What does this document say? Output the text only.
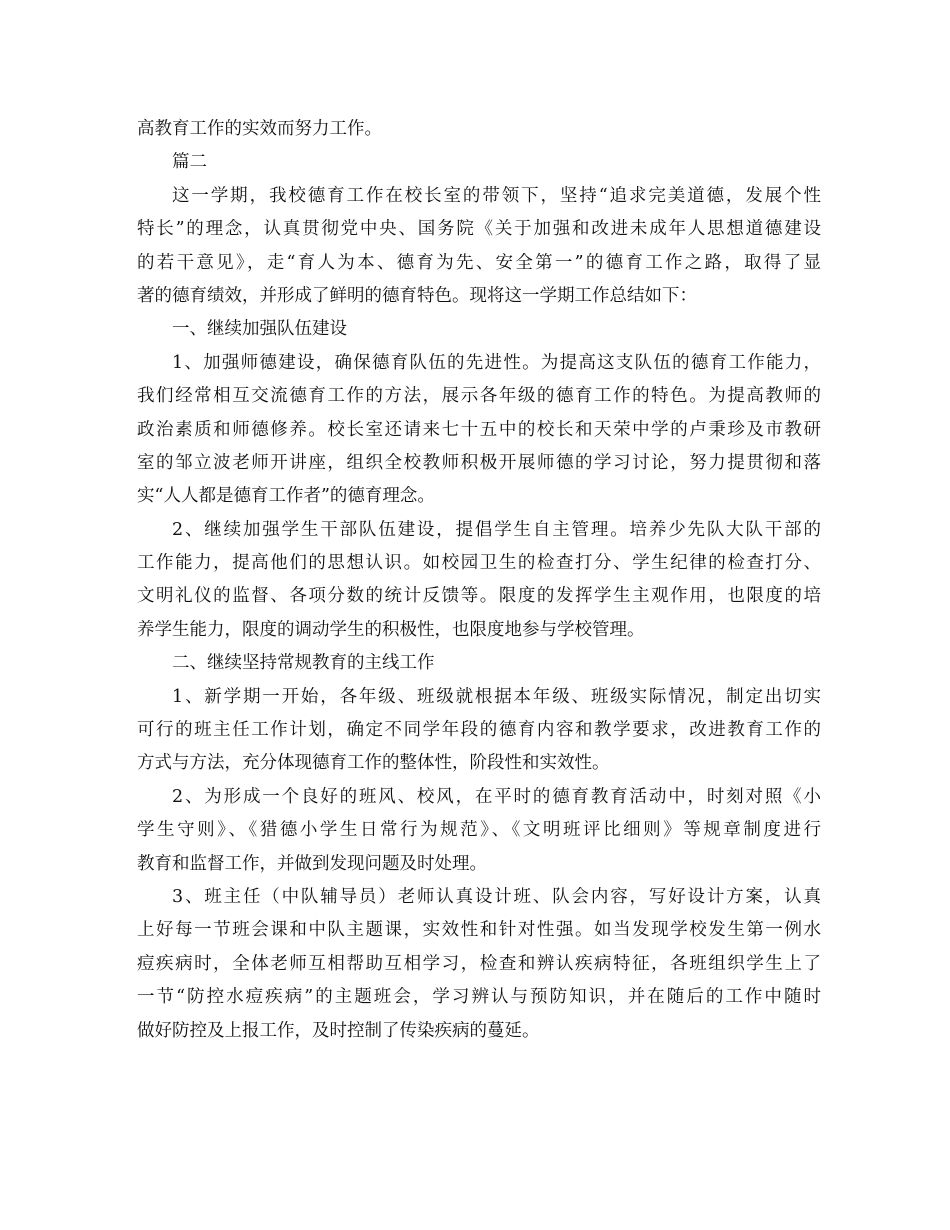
高教育工作的实效而努力工作。
篇二
这一学期，我校德育工作在校长室的带领下，坚持“追求完美道德，发展个性
特长”的理念，认真贯彻党中央、国务院《关于加强和改进未成年人思想道德建设
的若干意见》，走“育人为本、德育为先、安全第一”的德育工作之路，取得了显
著的德育绩效，并形成了鲜明的德育特色。现将这一学期工作总结如下：
一、继续加强队伍建设
1、加强师德建设，确保德育队伍的先进性。为提高这支队伍的德育工作能力，
我们经常相互交流德育工作的方法，展示各年级的德育工作的特色。为提高教师的
政治素质和师德修养。校长室还请来七十五中的校长和天荣中学的卢秉珍及市教研
室的邹立波老师开讲座，组织全校教师积极开展师德的学习讨论，努力提贯彻和落
实“人人都是德育工作者”的德育理念。
2、继续加强学生干部队伍建设，提倡学生自主管理。培养少先队大队干部的
工作能力，提高他们的思想认识。如校园卫生的检查打分、学生纪律的检查打分、
文明礼仪的监督、各项分数的统计反馈等。限度的发挥学生主观作用，也限度的培
养学生能力，限度的调动学生的积极性，也限度地参与学校管理。
二、继续坚持常规教育的主线工作
1、新学期一开始，各年级、班级就根据本年级、班级实际情况，制定出切实
可行的班主任工作计划，确定不同学年段的德育内容和教学要求，改进教育工作的
方式与方法，充分体现德育工作的整体性，阶段性和实效性。
2、为形成一个良好的班风、校风，在平时的德育教育活动中，时刻对照《小
学生守则》、《猎德小学生日常行为规范》、《文明班评比细则》等规章制度进行
教育和监督工作，并做到发现问题及时处理。
3、班主任（中队辅导员）老师认真设计班、队会内容，写好设计方案，认真
上好每一节班会课和中队主题课，实效性和针对性强。如当发现学校发生第一例水
痘疾病时，全体老师互相帮助互相学习，检查和辨认疾病特征，各班组织学生上了
一节“防控水痘疾病”的主题班会，学习辨认与预防知识，并在随后的工作中随时
做好防控及上报工作，及时控制了传染疾病的蔓延。
